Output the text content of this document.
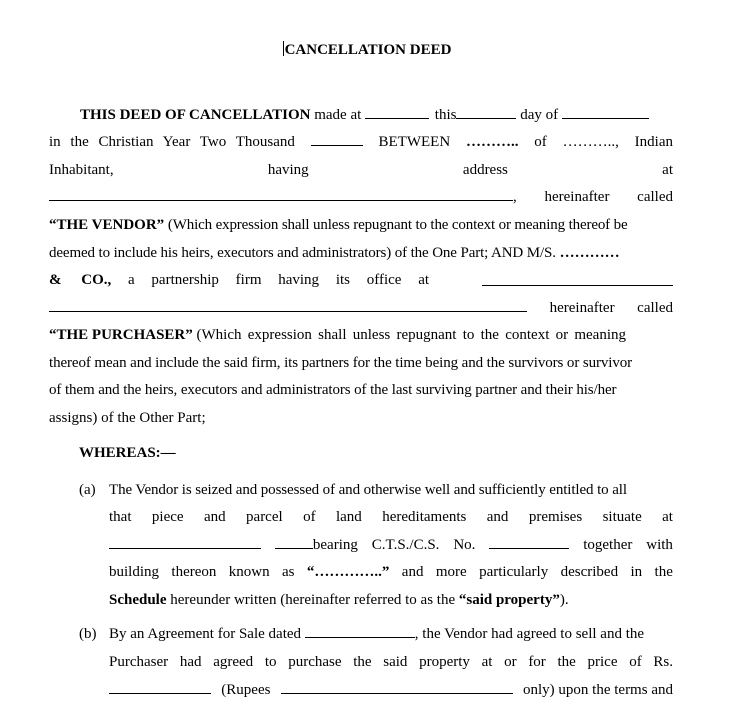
CANCELLATION DEED
THIS DEED OF CANCELLATION made at	this	day of
in the Christian Year Two Thousand	BETWEEN ……….. of ……….., Indian
Inhabitant,	having	address	at
, hereinafter called
“THE VENDOR” (Which expression shall unless repugnant to the context or meaning thereof be
deemed to include his heirs, executors and administrators) of the One Part; AND M/S. …………
& CO., a partnership firm having its office at
hereinafter called
“THE PURCHASER” (Which expression shall unless repugnant to the context or meaning
thereof mean and include the said firm, its partners for the time being and the survivors or survivor
of them and the heirs, executors and administrators of the last surviving partner and their his/her
assigns) of the Other Part;
WHEREAS:—
(a) The Vendor is seized and possessed of and otherwise well and sufficiently entitled to all
that piece and parcel of land hereditaments and premises situate at
bearing C.T.S./C.S. No.	together with
building thereon known as “…………..” and more particularly described in the
Schedule hereunder written (hereinafter referred to as the “said property”).
(b) By an Agreement for Sale dated	, the Vendor had agreed to sell and the
Purchaser had agreed to purchase the said property at or for the price of Rs.
(Rupees	only) upon the terms and
